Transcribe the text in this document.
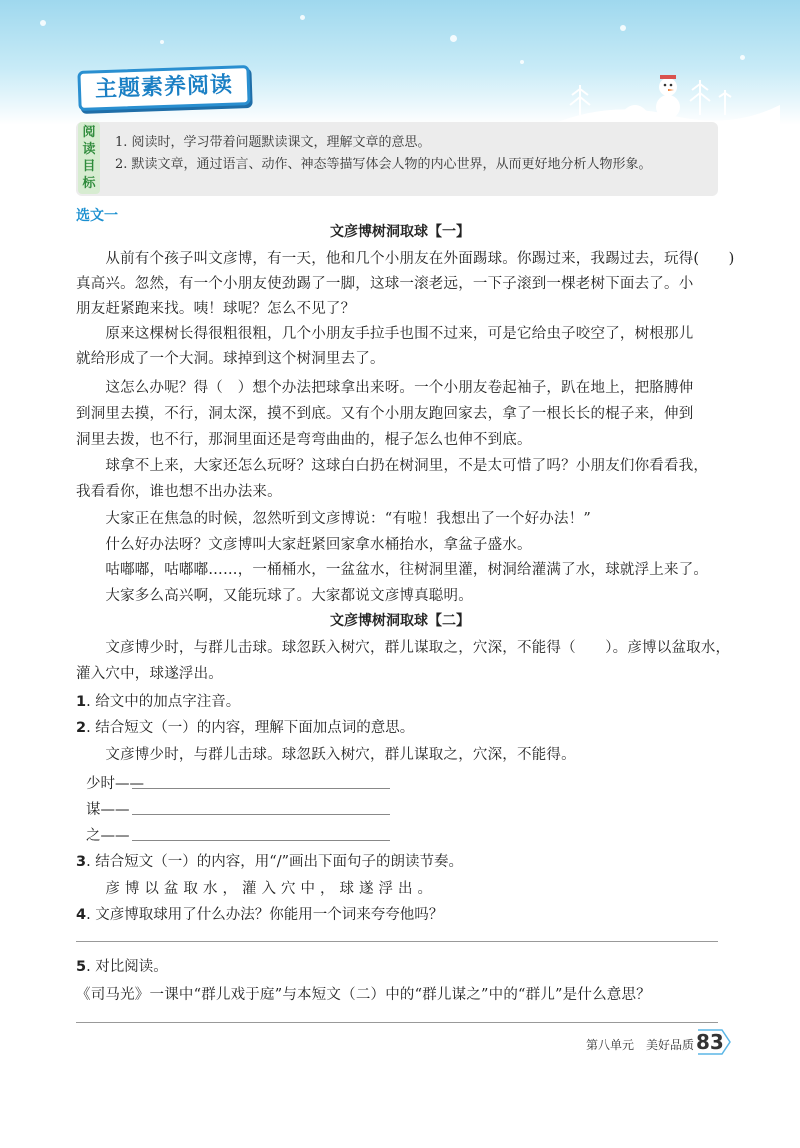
主题素养阅读
阅
读
目
标
1. 阅读时，学习带着问题默读课文，理解文章的意思。
2. 默读文章，通过语言、动作、神态等描写体会人物的内心世界，从而更好地分析人物形象。
选文一
文彦博树洞取球【一】
　　从前有个孩子叫文彦博，有一天，他和几个小朋友在外面踢球。你踢过来，我踢过去，玩得(　　)
真高兴。忽然，有一个小朋友使劲踢了一脚，这球一滚老远，一下子滚到一棵老树下面去了。小
朋友赶紧跑来找。咦！球呢？怎么不见了？
　　原来这棵树长得很粗很粗，几个小朋友手拉手也围不过来，可是它给虫子咬空了，树根那儿
就给形成了一个大洞。球掉到这个树洞里去了。
　　这怎么办呢？得（　）想个办法把球拿出来呀。一个小朋友卷起袖子，趴在地上，把胳膊伸
到洞里去摸，不行，洞太深，摸不到底。又有个小朋友跑回家去，拿了一根长长的棍子来，伸到
洞里去拨，也不行，那洞里面还是弯弯曲曲的，棍子怎么也伸不到底。
　　球拿不上来，大家还怎么玩呀？这球白白扔在树洞里，不是太可惜了吗？小朋友们你看看我，
我看看你，谁也想不出办法来。
　　大家正在焦急的时候，忽然听到文彦博说：“有啦！我想出了一个好办法！”
　　什么好办法呀？文彦博叫大家赶紧回家拿水桶抬水，拿盆子盛水。
　　咕嘟嘟，咕嘟嘟……，一桶桶水，一盆盆水，往树洞里灌，树洞给灌满了水，球就浮上来了。
　　大家多么高兴啊，又能玩球了。大家都说文彦博真聪明。
文彦博树洞取球【二】
　　文彦博少时，与群儿击球。球忽跃入树穴，群儿谋取之，穴深，不能得（　　）。彦博以盆取水，
灌入穴中，球遂浮出。
1. 给文中的加点字注音。
2. 结合短文（一）的内容，理解下面加点词的意思。
　　文彦博少时，与群儿击球。球忽跃入树穴，群儿谋取之，穴深，不能得。
少时——
谋——
之——
3. 结合短文（一）的内容，用“/”画出下面句子的朗读节奏。
　　彦 博 以 盆 取 水 ， 灌 入 穴 中 ， 球 遂 浮 出 。
4. 文彦博取球用了什么办法？你能用一个词来夸夸他吗？
5. 对比阅读。
《司马光》一课中“群儿戏于庭”与本短文（二）中的“群儿谋之”中的“群儿”是什么意思？
第八单元　美好品质 83
